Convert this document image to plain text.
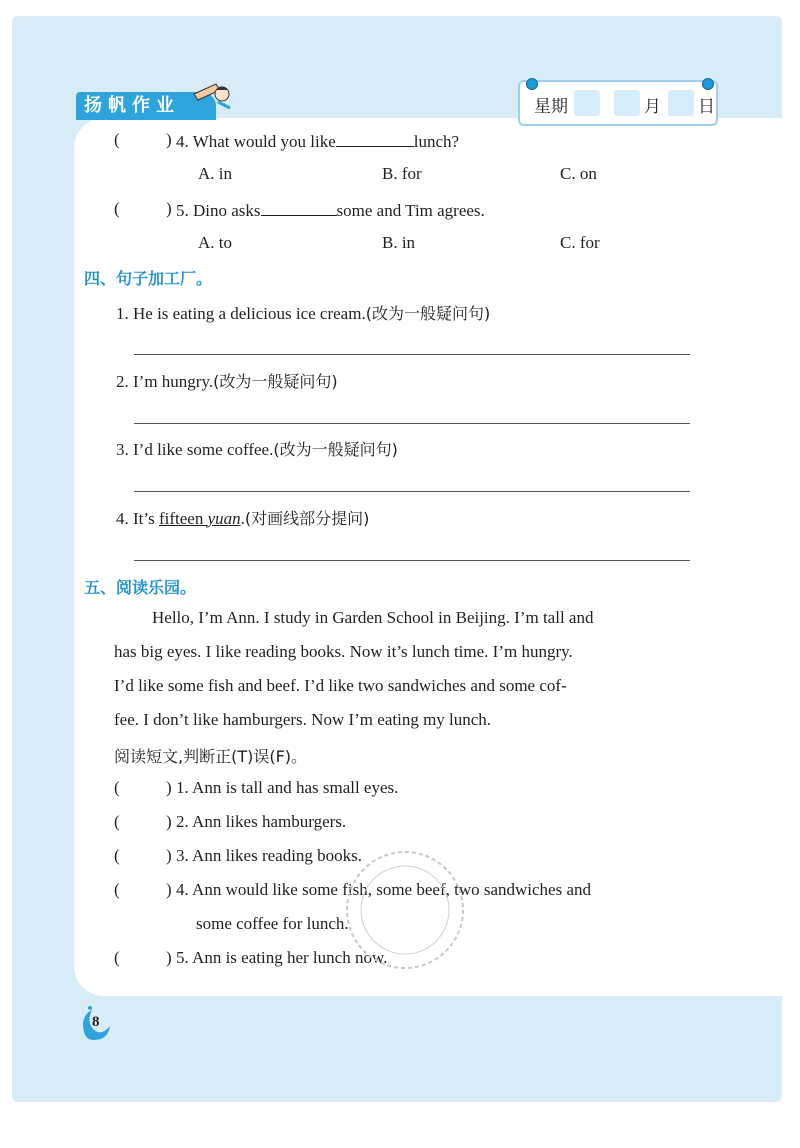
扬帆作业	星期	月 日
(	) 4. What would you like	lunch?
A. in	B. for	C. on
(	) 5. Dino asks	some and Tim agrees.
A. to	B. in	C. for
四、句子加工厂。
1. He is eating a delicious ice cream.(改为一般疑问句)
2. I’m hungry.(改为一般疑问句)
3. I’d like some coffee.(改为一般疑问句)
4. It’s fifteen yuan.(对画线部分提问)
五、阅读乐园。
Hello, I’m Ann. I study in Garden School in Beijing. I’m tall and
has big eyes. I like reading books. Now it’s lunch time. I’m hungry.
I’d like some fish and beef. I’d like two sandwiches and some cof-
fee. I don’t like hamburgers. Now I’m eating my lunch.
阅读短文,判断正(T)误(F)。
(	) 1. Ann is tall and has small eyes.
(	) 2. Ann likes hamburgers.
(	) 3. Ann likes reading books.
(	) 4. Ann would like some fish, some beef, two sandwiches and
some coffee for lunch.
(	) 5. Ann is eating her lunch now.
8
